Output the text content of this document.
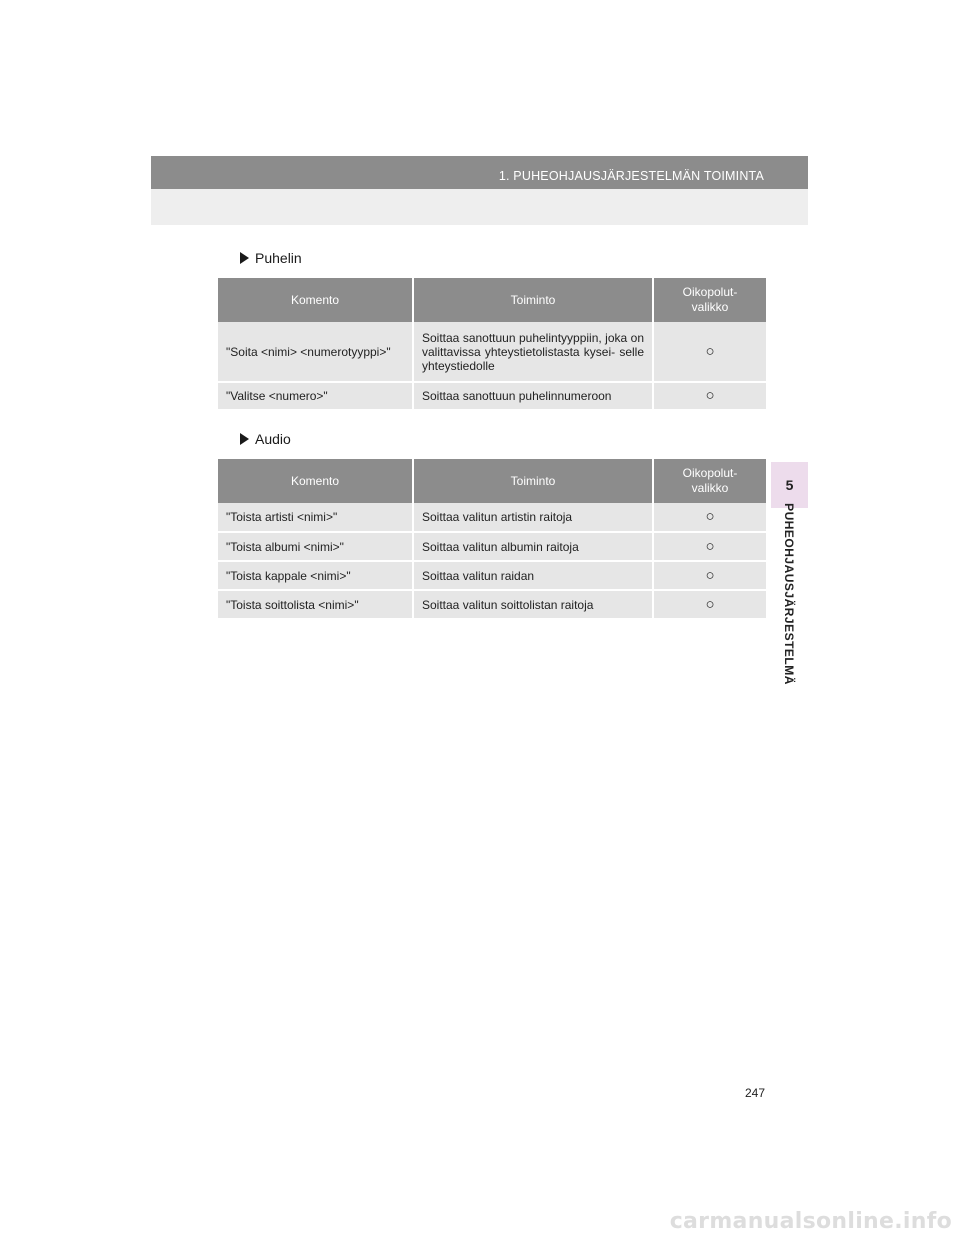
1. PUHEOHJAUSJÄRJESTELMÄN TOIMINTA
Puhelin
Komento	Toiminto	Oikopolut-
valikko
"Soita <nimi> <numerotyyppi>"	Soittaa sanottuun puhelintyyppiin, joka on valittavissa yhteystietolistasta kysei- selle yhteystiedolle	○
"Valitse <numero>"	Soittaa sanottuun puhelinnumeroon	○
Audio
Komento	Toiminto	Oikopolut-
valikko
"Toista artisti <nimi>"	Soittaa valitun artistin raitoja	○
"Toista albumi <nimi>"	Soittaa valitun albumin raitoja	○
"Toista kappale <nimi>"	Soittaa valitun raidan	○
"Toista soittolista <nimi>"	Soittaa valitun soittolistan raitoja	○
5
PUHEOHJAUSJÄRJESTELMÄ
247
carmanualsonline.info
